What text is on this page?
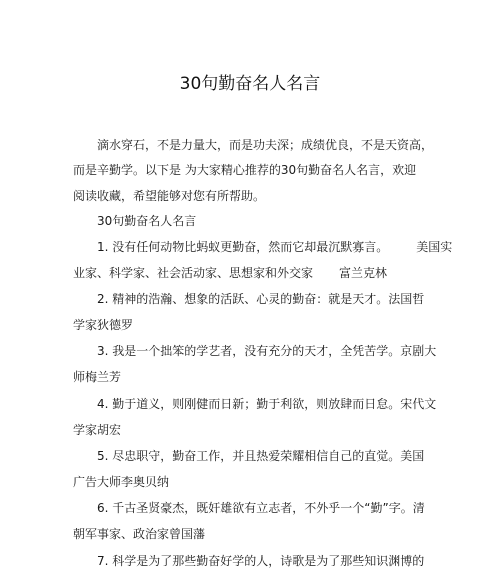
30句勤奋名人名言
滴水穿石，不是力量大，而是功夫深；成绩优良，不是天资高，
而是辛勤学。以下是 为大家精心推荐的30句勤奋名人名言，欢迎
阅读收藏，希望能够对您有所帮助。
30句勤奋名人名言
1. 没有任何动物比蚂蚁更勤奋，然而它却最沉默寡言。 美国实
业家、科学家、社会活动家、思想家和外交家 富兰克林
2. 精神的浩瀚、想象的活跃、心灵的勤奋：就是天才。法国哲
学家狄德罗
3. 我是一个拙笨的学艺者，没有充分的天才，全凭苦学。京剧大
师梅兰芳
4. 勤于道义，则刚健而日新；勤于利欲，则放肆而日怠。宋代文
学家胡宏
5. 尽忠职守，勤奋工作，并且热爱荣耀相信自己的直觉。美国
广告大师李奥贝纳
6. 千古圣贤豪杰，既奸雄欲有立志者，不外乎一个“勤”字。清
朝军事家、政治家曾国藩
7. 科学是为了那些勤奋好学的人，诗歌是为了那些知识渊博的
